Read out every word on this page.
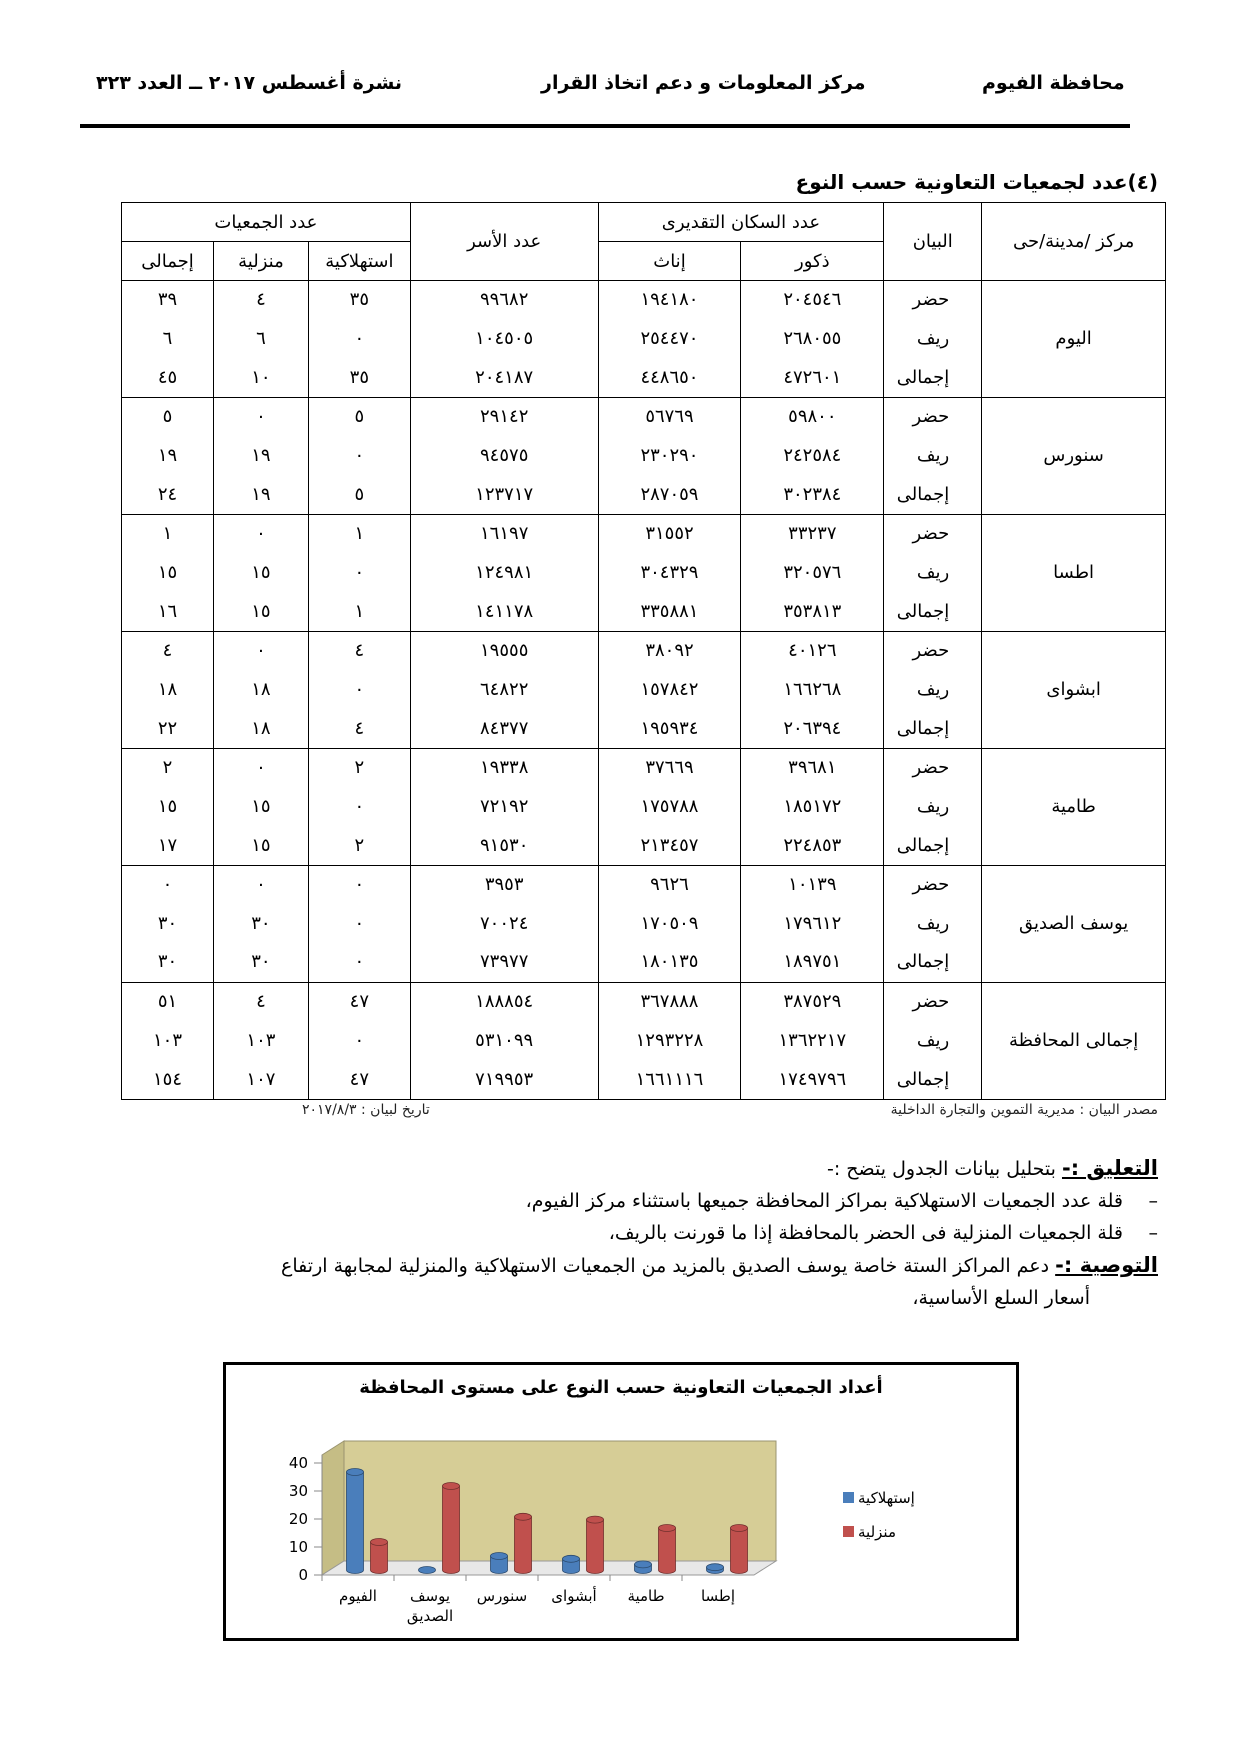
نشرة أغسطس ٢٠١٧ ــ العدد ٣٢٣	مركز المعلومات و دعم اتخاذ القرار	محافظة الفيوم
(٤)عدد لجمعيات التعاونية حسب النوع
مركز /مدينة/حى	البيان	عدد السكان التقديرى		عدد الأسر	عدد الجمعيات		
		ذكور	إناث		استهلاكية	منزلية	إجمالى
اليوم	حضر	٢٠٤٥٤٦	١٩٤١٨٠	٩٩٦٨٢	٣٥	٤	٣٩
	ريف	٢٦٨٠٥٥	٢٥٤٤٧٠	١٠٤٥٠٥	٠	٦	٦
	إجمالى	٤٧٢٦٠١	٤٤٨٦٥٠	٢٠٤١٨٧	٣٥	١٠	٤٥
سنورس	حضر	٥٩٨٠٠	٥٦٧٦٩	٢٩١٤٢	٥	٠	٥
	ريف	٢٤٢٥٨٤	٢٣٠٢٩٠	٩٤٥٧٥	٠	١٩	١٩
	إجمالى	٣٠٢٣٨٤	٢٨٧٠٥٩	١٢٣٧١٧	٥	١٩	٢٤
اطسا	حضر	٣٣٢٣٧	٣١٥٥٢	١٦١٩٧	١	٠	١
	ريف	٣٢٠٥٧٦	٣٠٤٣٢٩	١٢٤٩٨١	٠	١٥	١٥
	إجمالى	٣٥٣٨١٣	٣٣٥٨٨١	١٤١١٧٨	١	١٥	١٦
ابشواى	حضر	٤٠١٢٦	٣٨٠٩٢	١٩٥٥٥	٤	٠	٤
	ريف	١٦٦٢٦٨	١٥٧٨٤٢	٦٤٨٢٢	٠	١٨	١٨
	إجمالى	٢٠٦٣٩٤	١٩٥٩٣٤	٨٤٣٧٧	٤	١٨	٢٢
طامية	حضر	٣٩٦٨١	٣٧٦٦٩	١٩٣٣٨	٢	٠	٢
	ريف	١٨٥١٧٢	١٧٥٧٨٨	٧٢١٩٢	٠	١٥	١٥
	إجمالى	٢٢٤٨٥٣	٢١٣٤٥٧	٩١٥٣٠	٢	١٥	١٧
يوسف الصديق	حضر	١٠١٣٩	٩٦٢٦	٣٩٥٣	٠	٠	٠
	ريف	١٧٩٦١٢	١٧٠٥٠٩	٧٠٠٢٤	٠	٣٠	٣٠
	إجمالى	١٨٩٧٥١	١٨٠١٣٥	٧٣٩٧٧	٠	٣٠	٣٠
إجمالى المحافظة	حضر	٣٨٧٥٢٩	٣٦٧٨٨٨	١٨٨٨٥٤	٤٧	٤	٥١
	ريف	١٣٦٢٢١٧	١٢٩٣٢٢٨	٥٣١٠٩٩	٠	١٠٣	١٠٣
	إجمالى	١٧٤٩٧٩٦	١٦٦١١١٦	٧١٩٩٥٣	٤٧	١٠٧	١٥٤
مصدر البيان : مديرية التموين والتجارة الداخلية
تاريخ لبيان : ٢٠١٧/٨/٣

التعليق :- بتحليل بيانات الجدول يتضح :-

– قلة عدد الجمعيات الاستهلاكية بمراكز المحافظة جميعها باستثناء مركز الفيوم،

– قلة الجمعيات المنزلية فى الحضر بالمحافظة إذا ما قورنت بالريف،

التوصية :- دعم المراكز الستة خاصة يوسف الصديق بالمزيد من الجمعيات الاستهلاكية والمنزلية لمجابهة ارتفاع

أسعار السلع الأساسية،

أعداد الجمعيات التعاونية حسب النوع على مستوى المحافظة
0
10
20
30
40
الفيوم يوسف
الصديق
سنورس أبشواى طامية إطسا
إستهلاكية
منزلية
